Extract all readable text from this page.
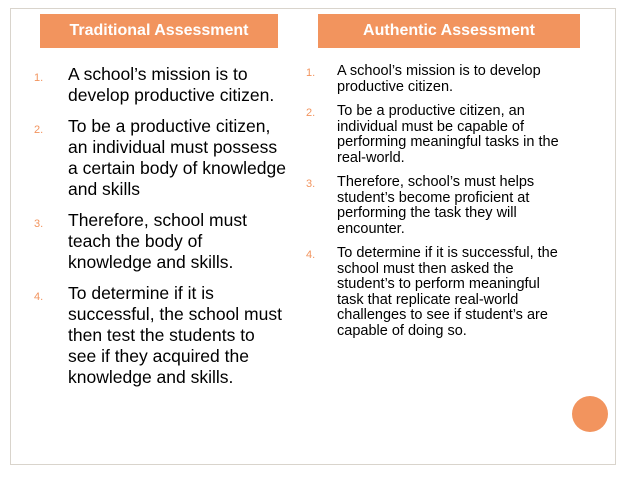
Traditional Assessment	Authentic Assessment
1. A school’s mission is to develop productive citizen.
2. To be a productive citizen, an individual must possess a certain body of knowledge and skills
3. Therefore, school must teach the body of knowledge and skills.
4. To determine if it is successful, the school must then test the students to see if they acquired the knowledge and skills.
1. A school’s mission is to develop productive citizen.
2. To be a productive citizen, an individual must be capable of performing meaningful tasks in the real-world.
3. Therefore, school’s must helps student’s become proficient at performing the task they will encounter.
4. To determine if it is successful, the school must then asked the student’s to perform meaningful task that replicate real-world challenges to see if student’s are capable of doing so.
